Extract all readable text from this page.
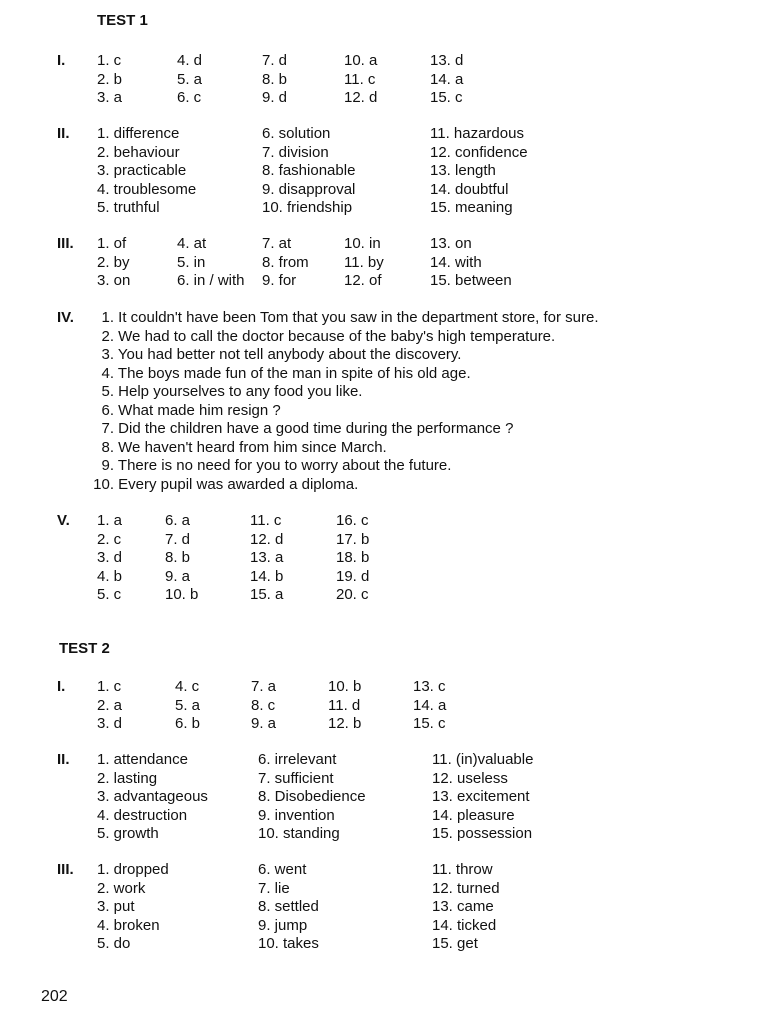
TEST 1
I. 1. c
2. b
3. a
4. d
5. a
6. c
7. d
8. b
9. d
10. a
11. c
12. d
13. d
14. a
15. c
II. 1. difference
2. behaviour
3. practicable
4. troublesome
5. truthful
6. solution
7. division
8. fashionable
9. disapproval
10. friendship
11. hazardous
12. confidence
13. length
14. doubtful
15. meaning
III. 1. of
2. by
3. on
4. at
5. in
6. in / with
7. at
8. from
9. for
10. in
11. by
12. of
13. on
14. with
15. between
IV.	1. It couldn't have been Tom that you saw in the department store, for sure.
2. We had to call the doctor because of the baby's high temperature.
3. You had better not tell anybody about the discovery.
4. The boys made fun of the man in spite of his old age.
5. Help yourselves to any food you like.
6. What made him resign ?
7. Did the children have a good time during the performance ?
8. We haven't heard from him since March.
9. There is no need for you to worry about the future.
10. Every pupil was awarded a diploma.
V. 1. a
2. c
3. d
4. b
5. c
6. a
7. d
8. b
9. a
10. b
11. c
12. d
13. a
14. b
15. a
16. c
17. b
18. b
19. d
20. c
TEST 2
I. 1. c
2. a
3. d
4. c
5. a
6. b
7. a
8. c
9. a
10. b
11. d
12. b
13. c
14. a
15. c
II. 1. attendance
2. lasting
3. advantageous
4. destruction
5. growth
6. irrelevant
7. sufficient
8. Disobedience
9. invention
10. standing
11. (in)valuable
12. useless
13. excitement
14. pleasure
15. possession
III. 1. dropped
2. work
3. put
4. broken
5. do
6. went
7. lie
8. settled
9. jump
10. takes
11. throw
12. turned
13. came
14. ticked
15. get
202
